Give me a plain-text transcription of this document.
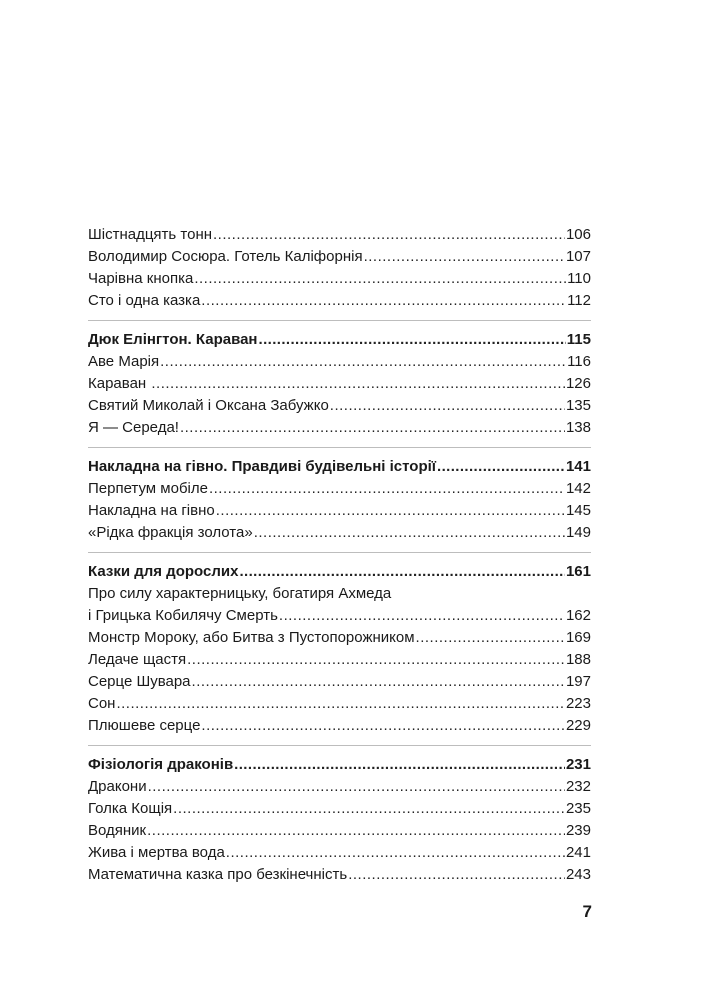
Шістнадцять тонн .....	106
Володимир Сосюра. Готель Каліфорнія .....	107
Чарівна кнопка .....	110
Сто і одна казка .....	112
Дюк Елінгтон. Караван .....	115
Аве Марія .....	116
Караван .....	126
Святий Миколай і Оксана Забужко .....	135
Я — Середа! .....	138
Накладна на гівно. Правдиві будівельні історії .....	141
Перпетум мобіле .....	142
Накладна на гівно .....	145
«Рідка фракція золота» .....	149
Казки для дорослих .....	161
Про силу характерницьку, богатиря Ахмеда
і Грицька Кобилячу Смерть .....	162
Монстр Мороку, або Битва з Пустопорожником .....	169
Ледаче щастя .....	188
Серце Шувара .....	197
Сон .....	223
Плюшеве серце .....	229
Фізіологія драконів .....	231
Дракони .....	232
Голка Кощія .....	235
Водяник .....	239
Жива і мертва вода .....	241
Математична казка про безкінечність .....	243
7
